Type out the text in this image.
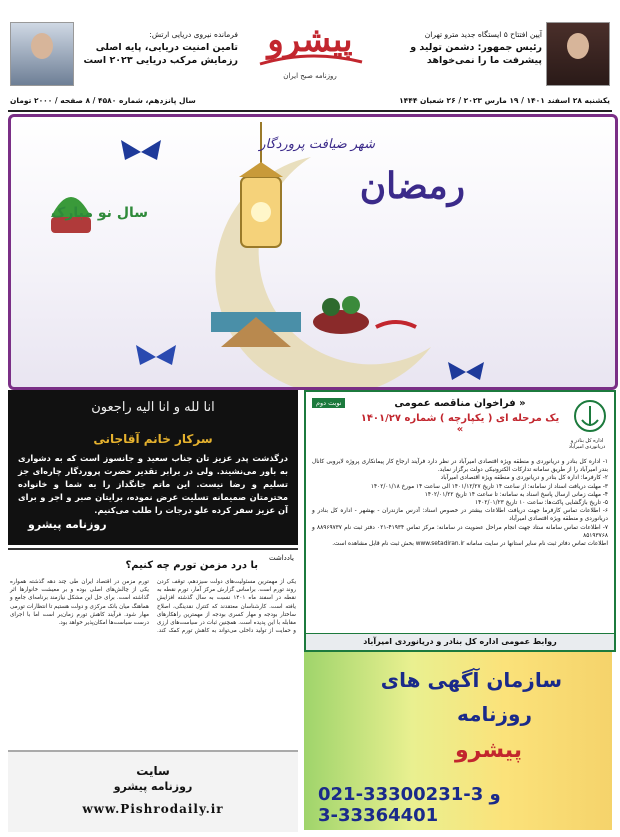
آیین افتتاح ۵ ایستگاه جدید مترو تهران
رئیس جمهور: دشمن تولید و پیشرفت ما را نمی‌خواهد
پیشرو
روزنامه صبح ایران
فرمانده نیروی دریایی ارتش:
تامین امنیت دریایی، پایه اصلی رزمایش مرکب دریایی ۲۰۲۳ است
یکشنبه ۲۸ اسفند ۱۴۰۱ / ۱۹ مارس ۲۰۲۳ / ۲۶ شعبان ۱۴۴۴
سال پانزدهم، شماره ۴۵۸۰ / ۸ صفحه / ۲۰۰۰ تومان
شهر ضیافت پروردگار
رمضان
سال نو مبارک
انا لله و انا الیه راجعون
سرکار خانم آقاجانی
درگذشت پدر عزیز تان جناب سعید و جانسوز است که به دشواری به باور می‌نشیند. ولی در برابر تقدیر حضرت پروردگار چاره‌ای جز تسلیم و رضا نیست. این ماتم جانگداز را به شما و خانواده محترمتان صمیمانه تسلیت عرض نموده، برایتان صبر و اجر و برای آن عزیز سفر کرده علو درجات را طلب می‌کنیم.
روزنامه پیشرو
یادداشت
با درد مزمن تورم چه کنیم؟
یکی از مهمترین مسئولیت‌های دولت سیزدهم، توقف کردن روند تورم است. براساس گزارش مرکز آمار، تورم نقطه به نقطه در اسفند ماه ۱۴۰۱ نسبت به سال گذشته افزایش یافته است. کارشناسان معتقدند که کنترل نقدینگی، اصلاح ساختار بودجه و مهار کسری بودجه از مهمترین راهکارهای مقابله با این پدیده است. همچنین ثبات در سیاست‌های ارزی و حمایت از تولید داخلی می‌تواند به کاهش تورم کمک کند. تورم مزمن در اقتصاد ایران طی چند دهه گذشته همواره یکی از چالش‌های اصلی بوده و بر معیشت خانوارها اثر گذاشته است. برای حل این مشکل نیازمند برنامه‌ای جامع و هماهنگ میان بانک مرکزی و دولت هستیم تا انتظارات تورمی مهار شود. فرآیند کاهش تورم زمان‌بر است اما با اجرای درست سیاست‌ها امکان‌پذیر خواهد بود.
نوبت دوم
اداره کل بنادر و دریانوردی امیرآباد
« فراخوان مناقصه عمومی
یک مرحله ای ( یکپارچه ) شماره ۱۴۰۱/۲۷ »
۱- اداره کل بنادر و دریانوردی و منطقه ویژه اقتصادی امیرآباد در نظر دارد فرآیند ارجاع کار پیمانکاری پروژه لایروبی کانال بندر امیرآباد را از طریق سامانه تدارکات الکترونیکی دولت برگزار نماید.
۲- کارفرما: اداره کل بنادر و دریانوردی و منطقه ویژه اقتصادی امیرآباد
۳- مهلت دریافت اسناد از سامانه: از ساعت ۱۴ تاریخ ۱۴۰۱/۱۲/۲۷ الی ساعت ۱۴ مورخ ۱۴۰۲/۰۱/۱۸
۴- مهلت زمانی ارسال پاسخ اسناد به سامانه: تا ساعت ۱۴ تاریخ ۱۴۰۲/۰۱/۲۲
۵- تاریخ بازگشایی پاکت‌ها: ساعت ۱۰ تاریخ ۱۴۰۲/۰۱/۲۳
۶- اطلاعات تماس کارفرما جهت دریافت اطلاعات بیشتر در خصوص اسناد: آدرس مازندران - بهشهر - اداره کل بنادر و دریانوردی و منطقه ویژه اقتصادی امیرآباد
۷- اطلاعات تماس سامانه ستاد جهت انجام مراحل عضویت در سامانه: مرکز تماس ۴۱۹۳۴-۰۲۱ دفتر ثبت نام ۸۸۹۶۹۷۳۷ و ۸۵۱۹۳۷۶۸
اطلاعات تماس دفاتر ثبت نام سایر استانها در سایت سامانه www.setadiran.ir بخش ثبت نام قابل مشاهده است.
روابط عمومی اداره کل بنادر و دریانوردی امیرآباد
سازمان آگهی های
روزنامه
پیشرو
021-33300231-3 و 33364401-3
سایت
روزنامه پیشرو
www.Pishrodaily.ir
